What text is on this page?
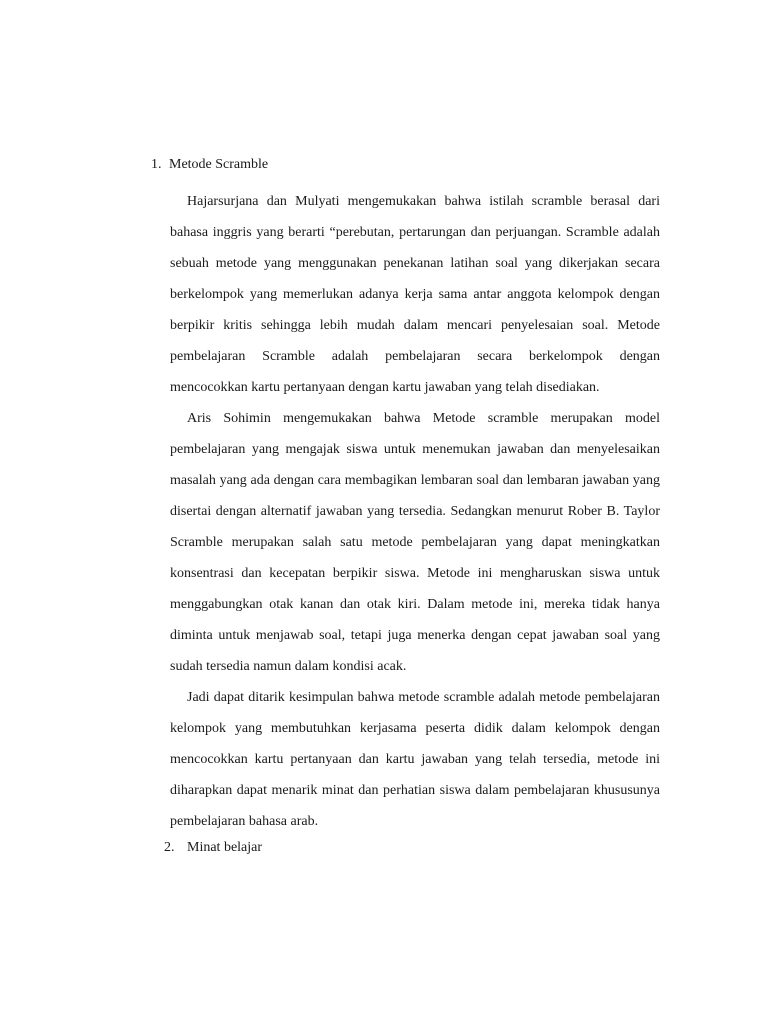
1. Metode Scramble

Hajarsurjana dan Mulyati mengemukakan bahwa istilah scramble berasal dari bahasa inggris yang berarti “perebutan, pertarungan dan perjuangan. Scramble adalah sebuah metode yang menggunakan penekanan latihan soal yang dikerjakan secara berkelompok yang memerlukan adanya kerja sama antar anggota kelompok dengan berpikir kritis sehingga lebih mudah dalam mencari penyelesaian soal. Metode pembelajaran Scramble adalah pembelajaran secara berkelompok dengan mencocokkan kartu pertanyaan dengan kartu jawaban yang telah disediakan.

Aris Sohimin mengemukakan bahwa Metode scramble merupakan model pembelajaran yang mengajak siswa untuk menemukan jawaban dan menyelesaikan masalah yang ada dengan cara membagikan lembaran soal dan lembaran jawaban yang disertai dengan alternatif jawaban yang tersedia. Sedangkan menurut Rober B. Taylor Scramble merupakan salah satu metode pembelajaran yang dapat meningkatkan konsentrasi dan kecepatan berpikir siswa. Metode ini mengharuskan siswa untuk menggabungkan otak kanan dan otak kiri. Dalam metode ini, mereka tidak hanya diminta untuk menjawab soal, tetapi juga menerka dengan cepat jawaban soal yang sudah tersedia namun dalam kondisi acak.

Jadi dapat ditarik kesimpulan bahwa metode scramble adalah metode pembelajaran kelompok yang membutuhkan kerjasama peserta didik dalam kelompok dengan mencocokkan kartu pertanyaan dan kartu jawaban yang telah tersedia, metode ini diharapkan dapat menarik minat dan perhatian siswa dalam pembelajaran khususunya pembelajaran bahasa arab.

2. Minat belajar
